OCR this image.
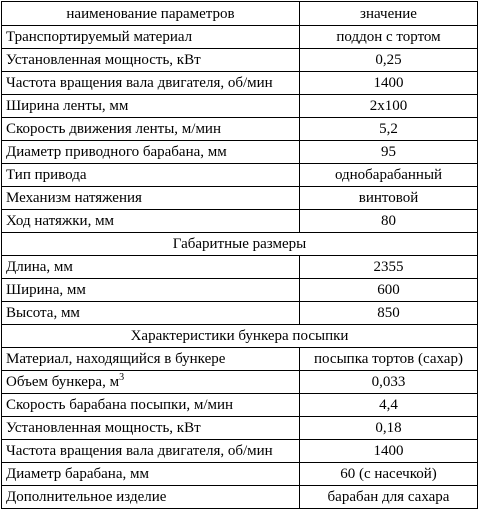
наименование параметров	значение
Транспортируемый материал	поддон с тортом
Установленная мощность, кВт	0,25
Частота вращения вала двигателя, об/мин	1400
Ширина ленты, мм	2х100
Скорость движения ленты, м/мин	5,2
Диаметр приводного барабана, мм	95
Тип привода	однобарабанный
Механизм натяжения	винтовой
Ход натяжки, мм	80
Габаритные размеры	
Длина, мм	2355
Ширина, мм	600
Высота, мм	850
Характеристики бункера посыпки	
Материал, находящийся в бункере	посыпка тортов (сахар)
Объем бункера, $м^3$	0,033
Скорость барабана посыпки, м/мин	4,4
Установленная мощность, кВт	0,18
Частота вращения вала двигателя, об/мин	1400
Диаметр барабана, мм	60 (с насечкой)
Дополнительное изделие	барабан для сахара
